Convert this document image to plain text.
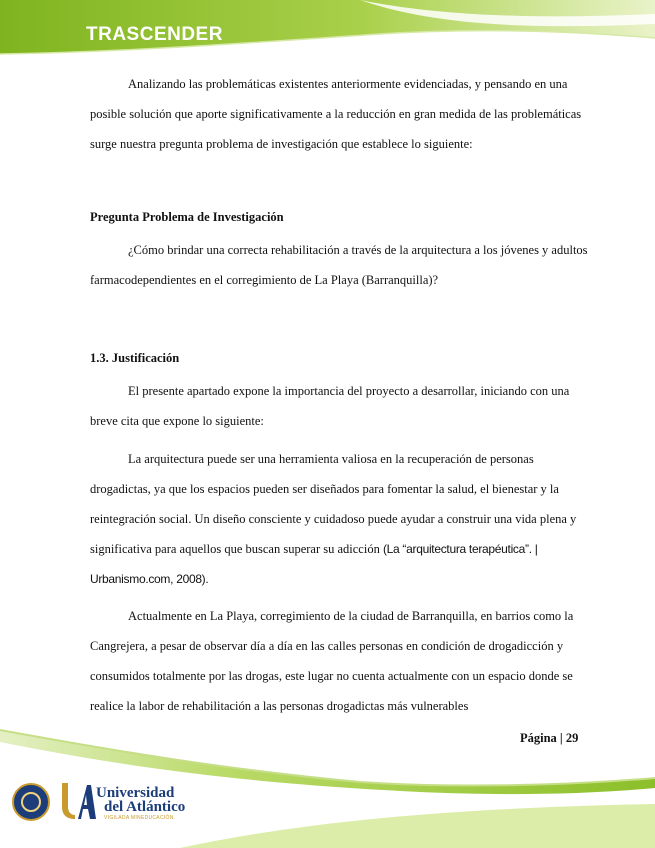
TRASCENDER

Analizando las problemáticas existentes anteriormente evidenciadas, y pensando en una posible solución que aporte significativamente a la reducción en gran medida de las problemáticas surge nuestra pregunta problema de investigación que establece lo siguiente:

Pregunta Problema de Investigación

¿Cómo brindar una correcta rehabilitación a través de la arquitectura a los jóvenes y adultos farmacodependientes en el corregimiento de La Playa (Barranquilla)?

1.3. Justificación

El presente apartado expone la importancia del proyecto a desarrollar, iniciando con una breve cita que expone lo siguiente:

La arquitectura puede ser una herramienta valiosa en la recuperación de personas drogadictas, ya que los espacios pueden ser diseñados para fomentar la salud, el bienestar y la reintegración social. Un diseño consciente y cuidadoso puede ayudar a construir una vida plena y significativa para aquellos que buscan superar su adicción (La “arquitectura terapéutica”. | Urbanismo.com, 2008).

Actualmente en La Playa, corregimiento de la ciudad de Barranquilla, en barrios como la Cangrejera, a pesar de observar día a día en las calles personas en condición de drogadicción y consumidos totalmente por las drogas, este lugar no cuenta actualmente con un espacio donde se realice la labor de rehabilitación a las personas drogadictas más vulnerables

Página | 29
Universidad
del Atlántico
VIGILADA MINEDUCACIÓN
